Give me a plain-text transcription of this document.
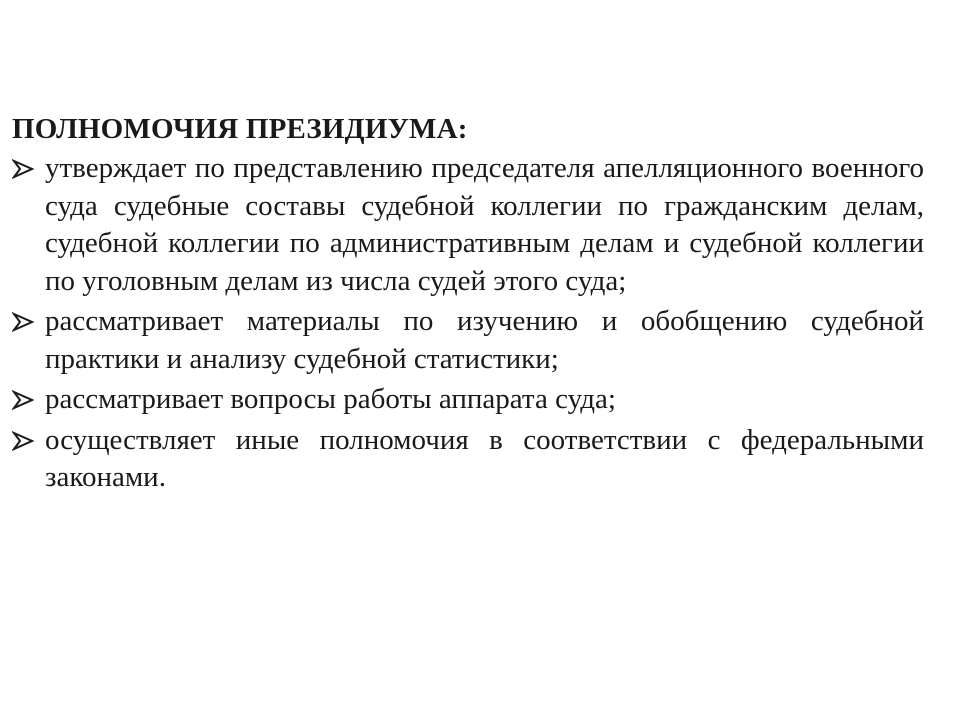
ПОЛНОМОЧИЯ ПРЕЗИДИУМА:
утверждает по представлению председателя апелляционного военного суда судебные составы судебной коллегии по гражданским делам, судебной коллегии по административным делам и судебной коллегии по уголовным делам из числа судей этого суда;
рассматривает материалы по изучению и обобщению судебной практики и анализу судебной статистики;
рассматривает вопросы работы аппарата суда;
осуществляет иные полномочия в соответствии с федеральными законами.
